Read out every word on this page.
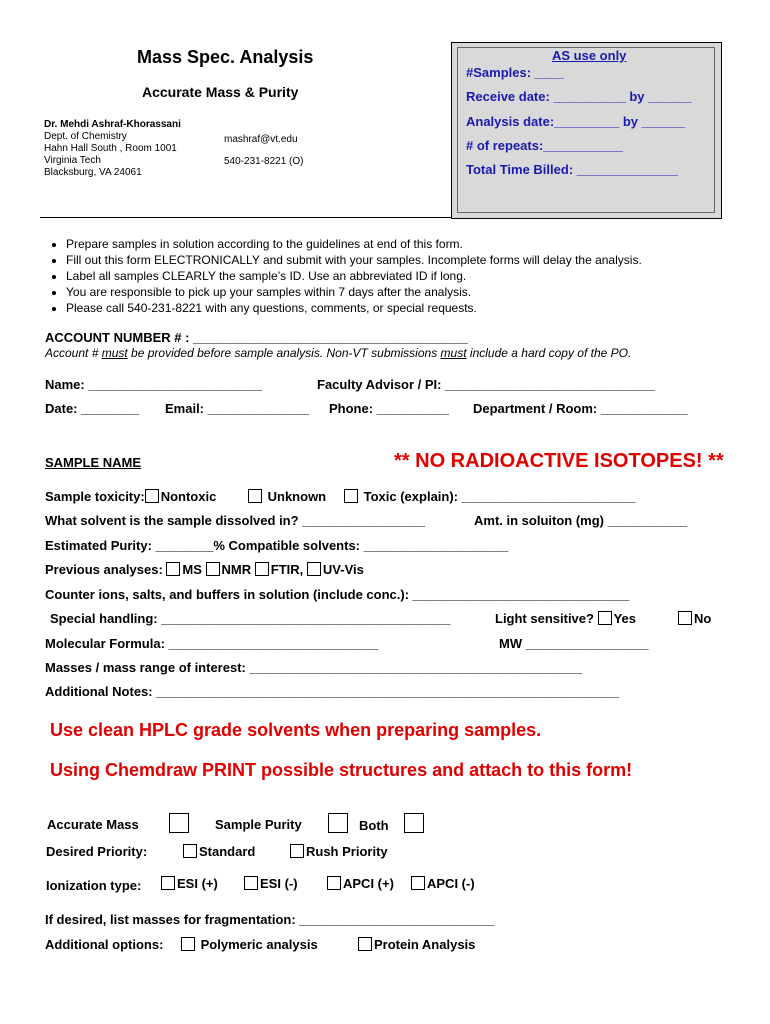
Mass Spec. Analysis
Accurate Mass & Purity
Dr. Mehdi Ashraf-Khorassani
Dept. of Chemistry
Hahn Hall South , Room 1001
Virginia Tech
Blacksburg, VA 24061
mashraf@vt.edu
540-231-8221 (O)
AS use only
#Samples: ____
Receive date: __________ by ______
Analysis date:_________ by ______
# of repeats:___________
Total Time Billed: ______________
• Prepare samples in solution according to the guidelines at end of this form.
• Fill out this form ELECTRONICALLY and submit with your samples. Incomplete forms will delay the analysis.
• Label all samples CLEARLY the sample’s ID. Use an abbreviated ID if long.
• You are responsible to pick up your samples within 7 days after the analysis.
• Please call 540-231-8221 with any questions, comments, or special requests.
ACCOUNT NUMBER # : ______________________________________
Account # must be provided before sample analysis. Non-VT submissions must include a hard copy of the PO.
Name: ________________________	Faculty Advisor / PI: _____________________________
Date: ________ Email: ______________ Phone: __________ Department / Room: ____________
SAMPLE NAME	** NO RADIOACTIVE ISOTOPES! **
Sample toxicity: Nontoxic	Unknown	Toxic (explain): ________________________
What solvent is the sample dissolved in? _________________	Amt. in soluiton (mg) ___________
Estimated Purity: ________% Compatible solvents: ____________________
Previous analyses: MS NMR FTIR, UV-Vis
Counter ions, salts, and buffers in solution (include conc.): ______________________________
Special handling: ________________________________________	Light sensitive? Yes	No
Molecular Formula: _____________________________	MW _________________
Masses / mass range of interest: ______________________________________________
Additional Notes: ________________________________________________________________
Use clean HPLC grade solvents when preparing samples.
Using Chemdraw PRINT possible structures and attach to this form!
Accurate Mass	Sample Purity	Both
Desired Priority:	Standard	Rush Priority
Ionization type:	ESI (+)	ESI (-)	APCI (+)	APCI (-)
If desired, list masses for fragmentation: ___________________________
Additional options:	Polymeric analysis	Protein Analysis
